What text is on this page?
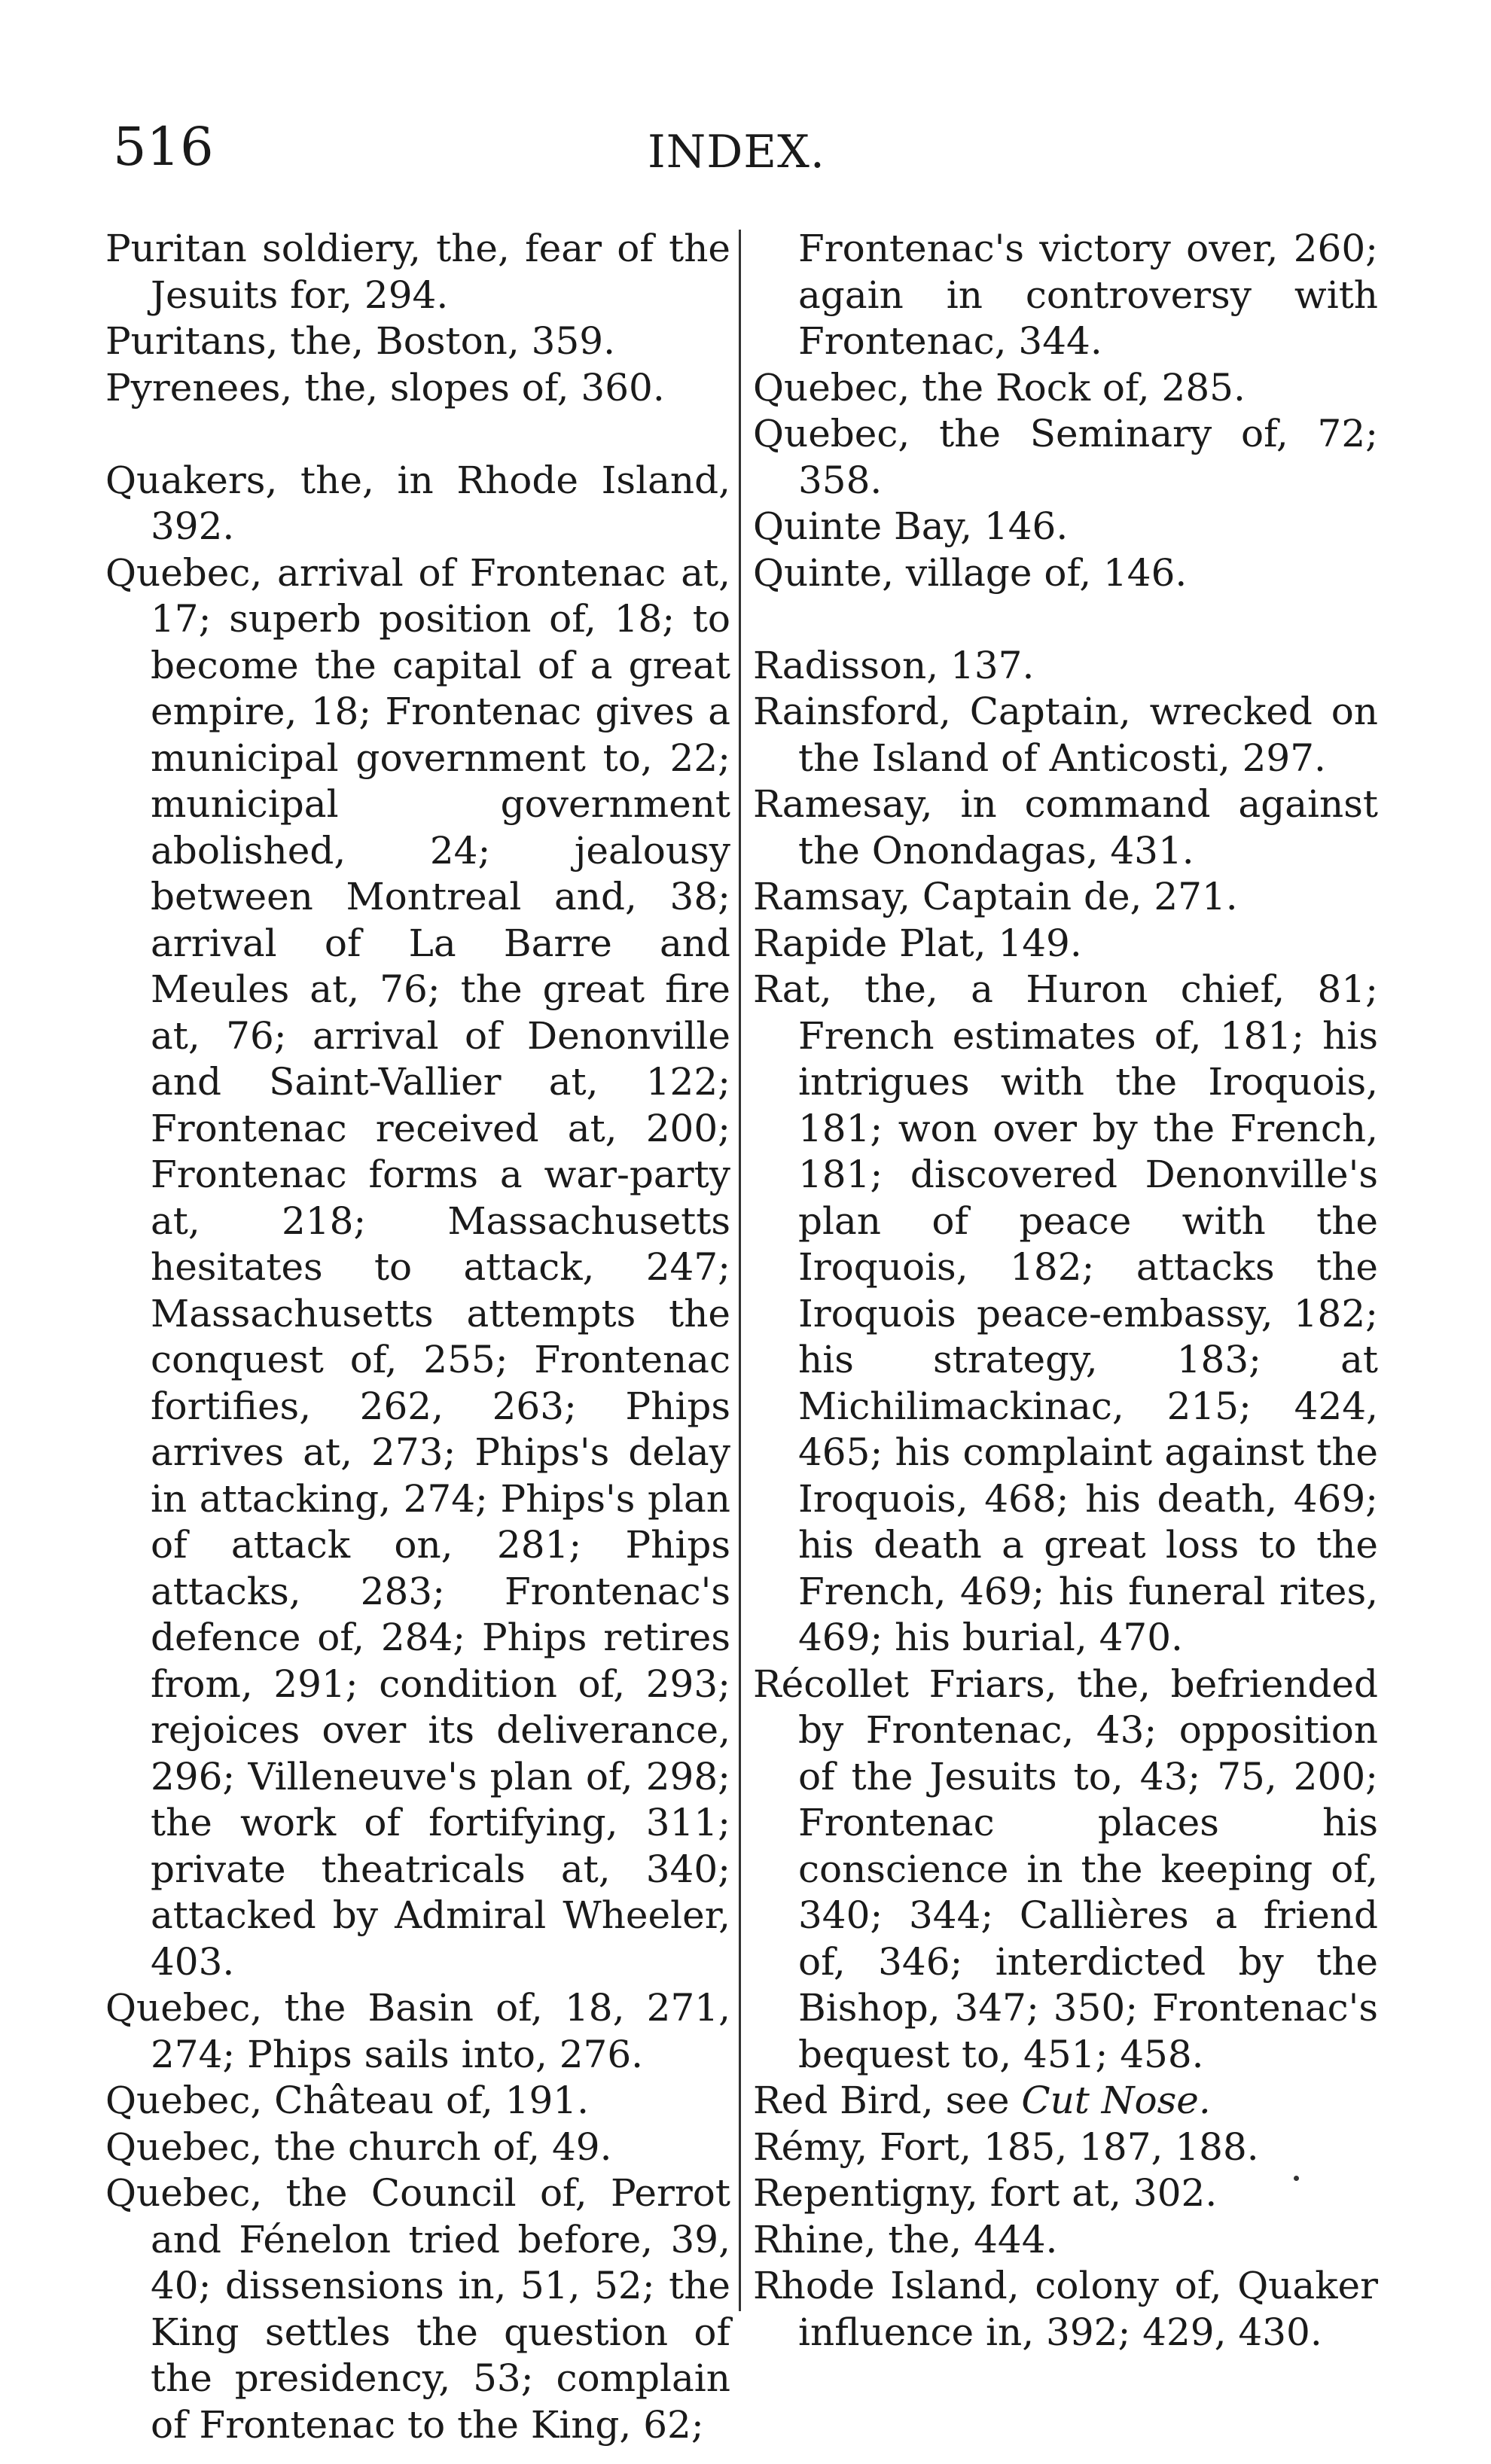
516	INDEX.

Puritan soldiery, the, fear of the Jesuits for, 294.

Puritans, the, Boston, 359.

Pyrenees, the, slopes of, 360.

Quakers, the, in Rhode Island, 392.

Quebec, arrival of Frontenac at, 17; superb position of, 18; to become the capital of a great empire, 18; Frontenac gives a municipal government to, 22; municipal government abolished, 24; jealousy between Montreal and, 38; arrival of La Barre and Meules at, 76; the great fire at, 76; arrival of Denonville and Saint-Vallier at, 122; Frontenac received at, 200; Frontenac forms a war-party at, 218; Massachusetts hesitates to attack, 247; Massachusetts attempts the conquest of, 255; Frontenac fortifies, 262, 263; Phips arrives at, 273; Phips's delay in attacking, 274; Phips's plan of attack on, 281; Phips attacks, 283; Frontenac's defence of, 284; Phips retires from, 291; condition of, 293; rejoices over its deliverance, 296; Villeneuve's plan of, 298; the work of fortifying, 311; private theatricals at, 340; attacked by Admiral Wheeler, 403.

Quebec, the Basin of, 18, 271, 274; Phips sails into, 276.

Quebec, Château of, 191.

Quebec, the church of, 49.

Quebec, the Council of, Perrot and Fénelon tried before, 39, 40; dissensions in, 51, 52; the King settles the question of the presidency, 53; complain of Frontenac to the King, 62;

Frontenac's victory over, 260; again in controversy with Frontenac, 344.

Quebec, the Rock of, 285.

Quebec, the Seminary of, 72; 358.

Quinte Bay, 146.

Quinte, village of, 146.

Radisson, 137.

Rainsford, Captain, wrecked on the Island of Anticosti, 297.

Ramesay, in command against the Onondagas, 431.

Ramsay, Captain de, 271.

Rapide Plat, 149.

Rat, the, a Huron chief, 81; French estimates of, 181; his intrigues with the Iroquois, 181; won over by the French, 181; discovered Denonville's plan of peace with the Iroquois, 182; attacks the Iroquois peace-embassy, 182; his strategy, 183; at Michilimackinac, 215; 424, 465; his complaint against the Iroquois, 468; his death, 469; his death a great loss to the French, 469; his funeral rites, 469; his burial, 470.

Récollet Friars, the, befriended by Frontenac, 43; opposition of the Jesuits to, 43; 75, 200; Frontenac places his conscience in the keeping of, 340; 344; Callières a friend of, 346; interdicted by the Bishop, 347; 350; Frontenac's bequest to, 451; 458.

Red Bird, see Cut Nose.

Rémy, Fort, 185, 187, 188.

Repentigny, fort at, 302.

Rhine, the, 444.

Rhode Island, colony of, Quaker influence in, 392; 429, 430.
